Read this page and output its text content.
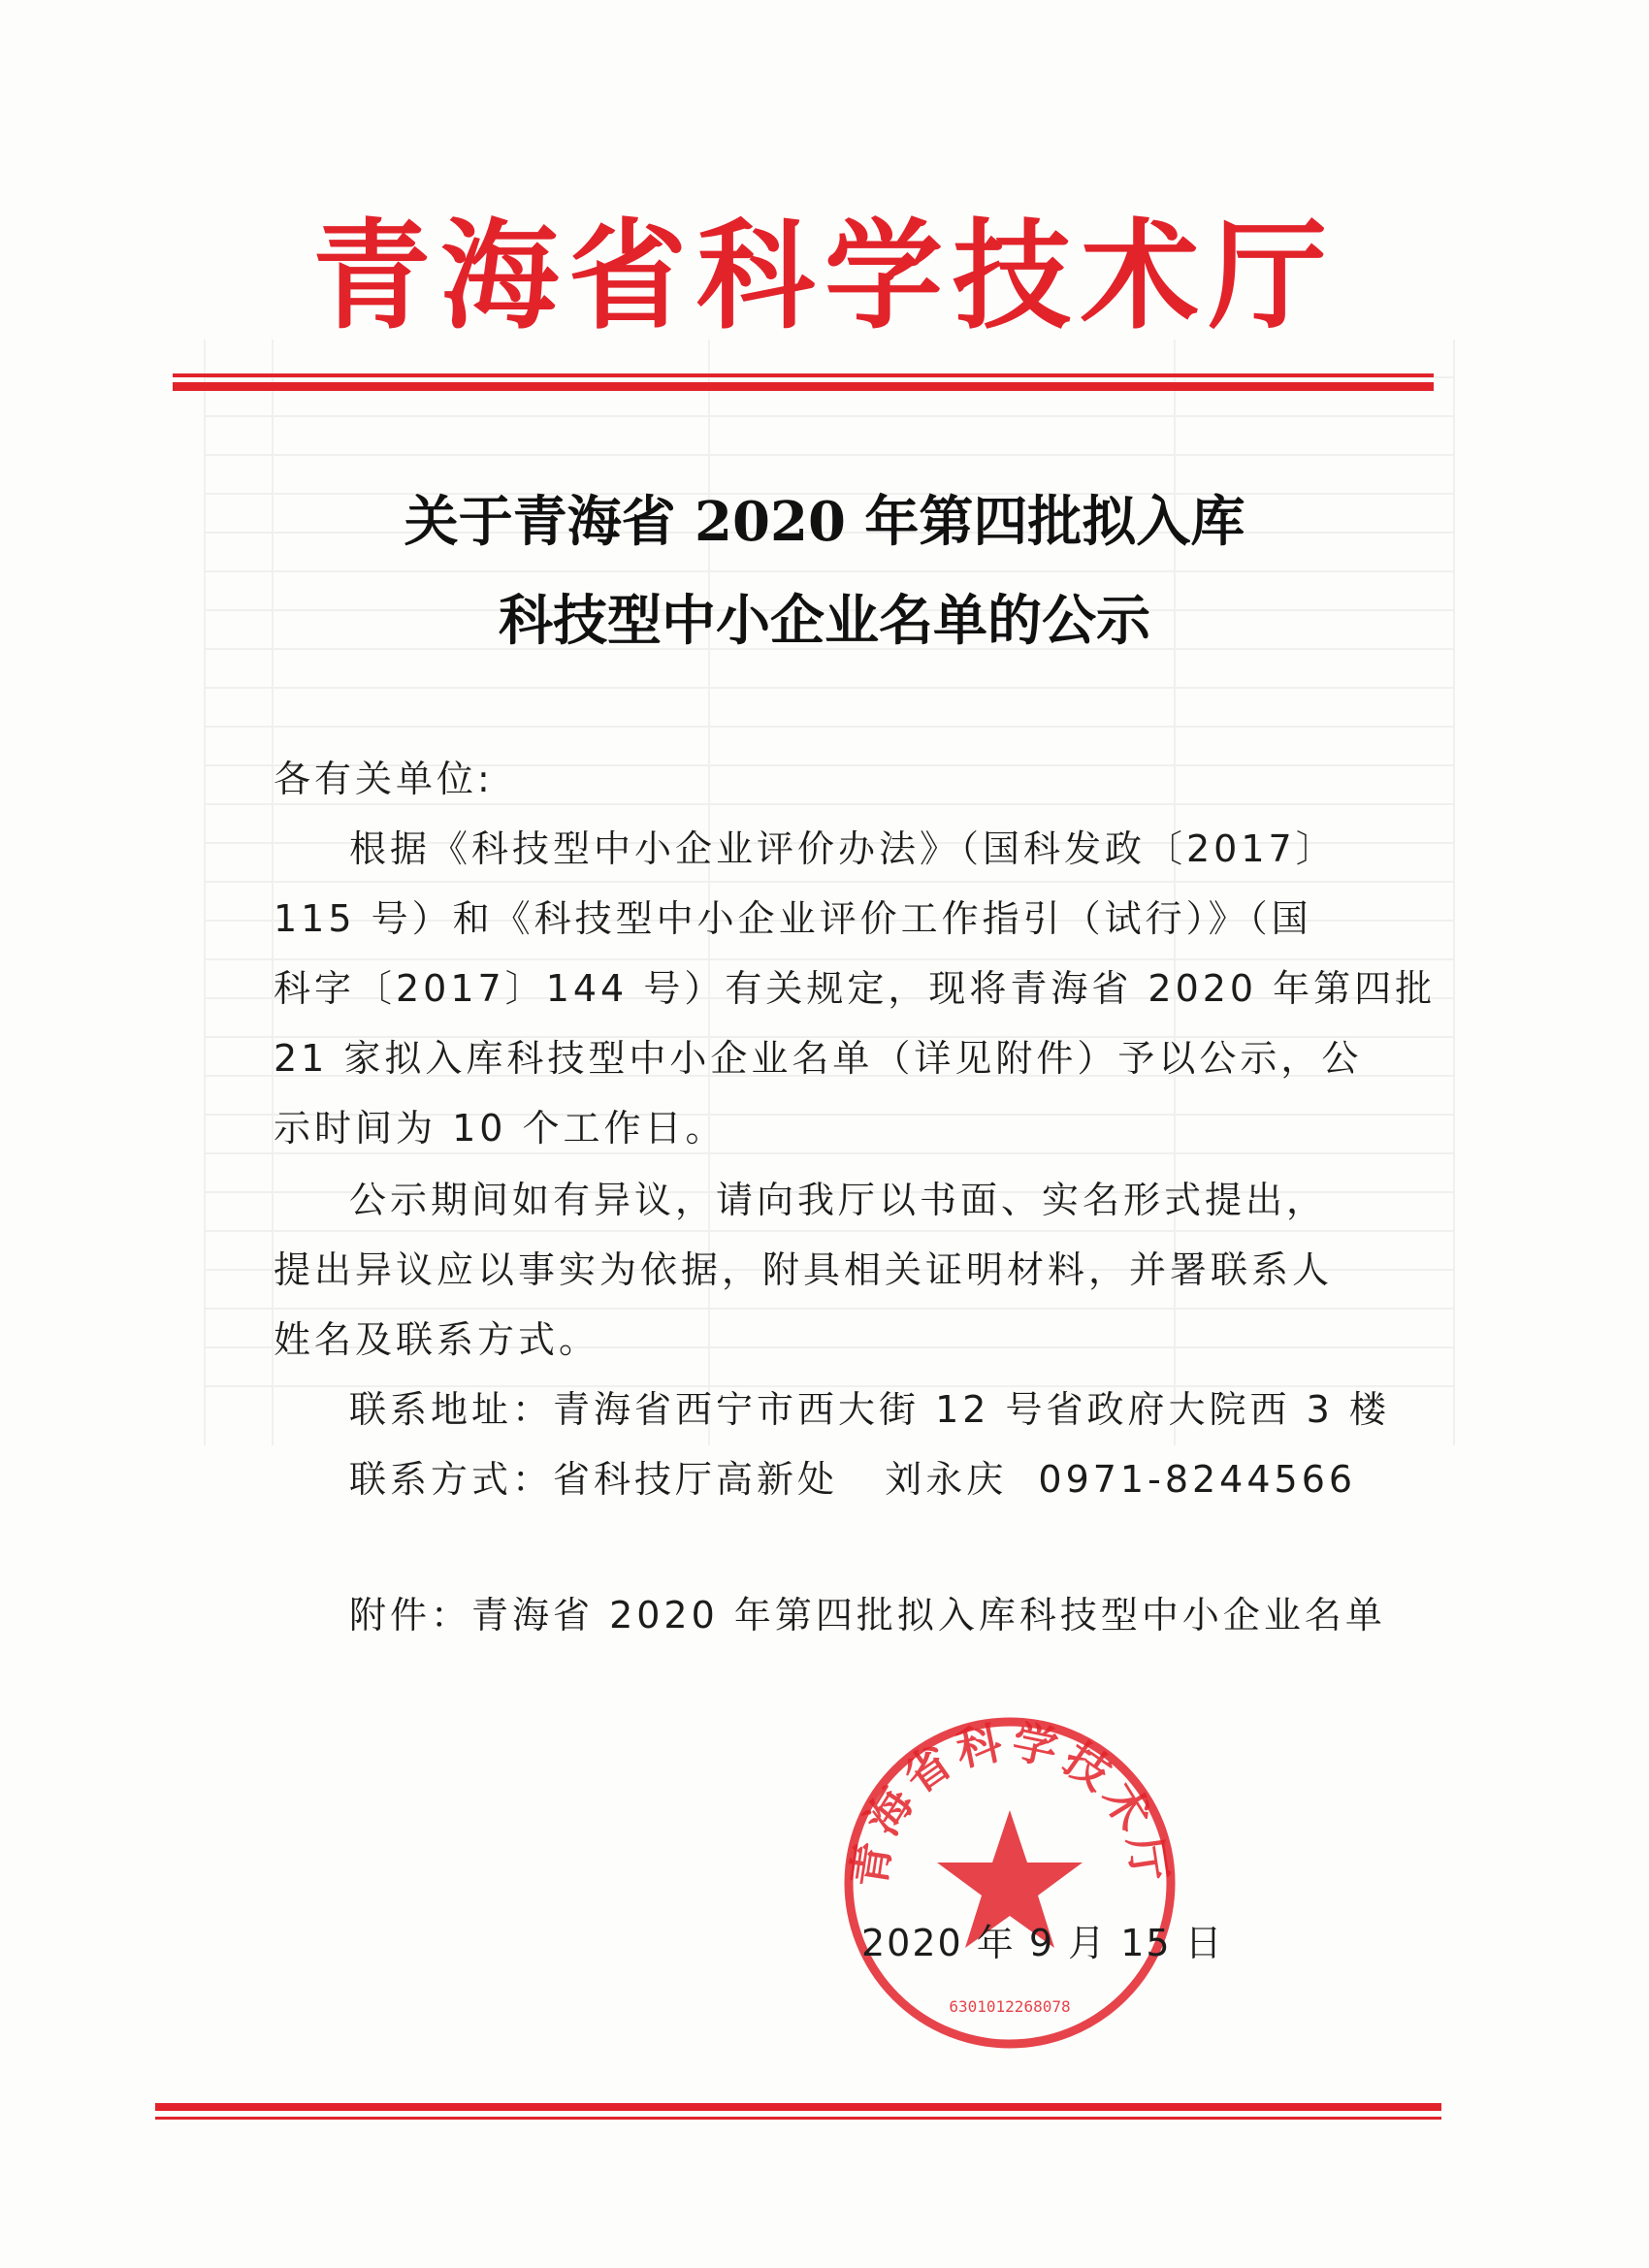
青海省科学技术厅
关于青海省 2020 年第四批拟入库
科技型中小企业名单的公示
各有关单位:
根据《科技型中小企业评价办法》（国科发政〔2017〕
115 号）和《科技型中小企业评价工作指引（试行）》（国
科字〔2017〕144 号）有关规定，现将青海省 2020 年第四批
21 家拟入库科技型中小企业名单（详见附件）予以公示，公
示时间为 10 个工作日。
公示期间如有异议，请向我厅以书面、实名形式提出，
提出异议应以事实为依据，附具相关证明材料，并署联系人
姓名及联系方式。
联系地址：青海省西宁市西大街 12 号省政府大院西 3 楼
联系方式：省科技厅高新处   刘永庆  0971-8244566
附件：青海省 2020 年第四批拟入库科技型中小企业名单
青海省科学技术厅
6301012268078
2020 年 9 月 15 日
